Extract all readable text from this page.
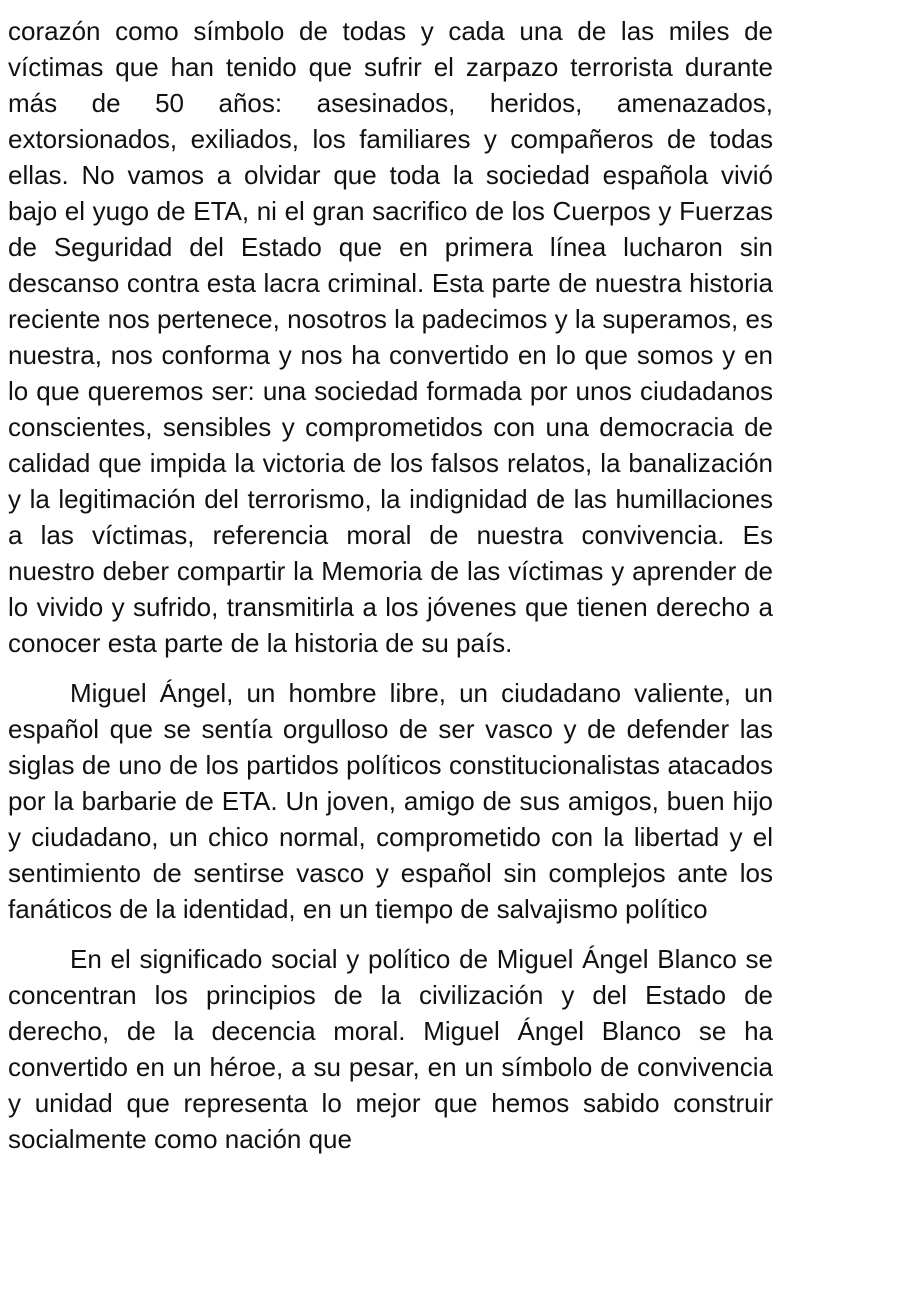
corazón como símbolo de todas y cada una de las miles de víctimas que han tenido que sufrir el zarpazo terrorista durante más de 50 años: asesinados, heridos, amenazados, extorsionados, exiliados, los familiares y compañeros de todas ellas. No vamos a olvidar que toda la sociedad española vivió bajo el yugo de ETA, ni el gran sacrifico de los Cuerpos y Fuerzas de Seguridad del Estado que en primera línea lucharon sin descanso contra esta lacra criminal. Esta parte de nuestra historia reciente nos pertenece, nosotros la padecimos y la superamos, es nuestra, nos conforma y nos ha convertido en lo que somos y en lo que queremos ser: una sociedad formada por unos ciudadanos conscientes, sensibles y comprometidos con una democracia de calidad que impida la victoria de los falsos relatos, la banalización y la legitimación del terrorismo, la indignidad de las humillaciones a las víctimas, referencia moral de nuestra convivencia. Es nuestro deber compartir la Memoria de las víctimas y aprender de lo vivido y sufrido, transmitirla a los jóvenes que tienen derecho a conocer esta parte de la historia de su país.

Miguel Ángel, un hombre libre, un ciudadano valiente, un español que se sentía orgulloso de ser vasco y de defender las siglas de uno de los partidos políticos constitucionalistas atacados por la barbarie de ETA. Un joven, amigo de sus amigos, buen hijo y ciudadano, un chico normal, comprometido con la libertad y el sentimiento de sentirse vasco y español sin complejos ante los fanáticos de la identidad, en un tiempo de salvajismo político

En el significado social y político de Miguel Ángel Blanco se concentran los principios de la civilización y del Estado de derecho, de la decencia moral. Miguel Ángel Blanco se ha convertido en un héroe, a su pesar, en un símbolo de convivencia y unidad que representa lo mejor que hemos sabido construir socialmente como nación que
